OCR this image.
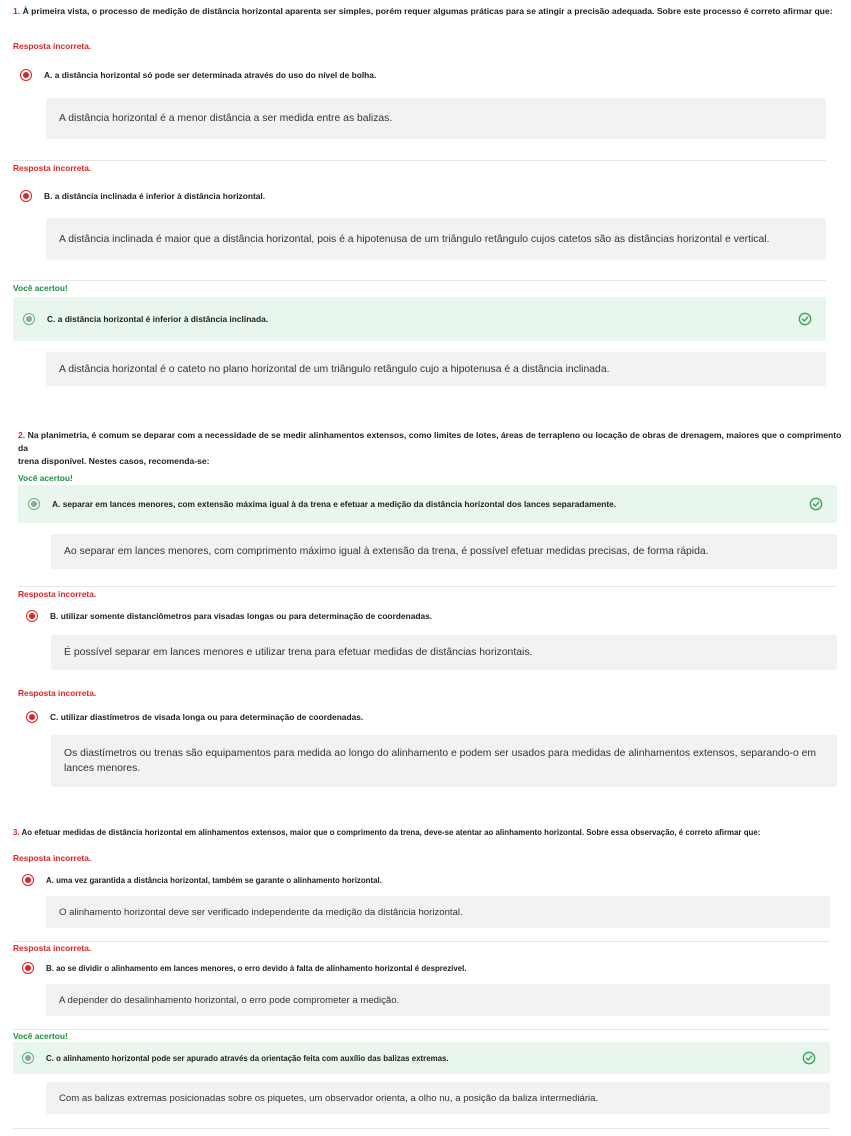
1. À primeira vista, o processo de medição de distância horizontal aparenta ser simples, porém requer algumas práticas para se atingir a precisão adequada. Sobre este processo é correto afirmar que:
Resposta incorreta.
A. a distância horizontal só pode ser determinada através do uso do nível de bolha.
A distância horizontal é a menor distância a ser medida entre as balizas.
Resposta incorreta.
B. a distância inclinada é inferior à distância horizontal.
A distância inclinada é maior que a distância horizontal, pois é a hipotenusa de um triângulo retângulo cujos catetos são as distâncias horizontal e vertical.
Você acertou!
C. a distância horizontal é inferior à distância inclinada.
A distância horizontal é o cateto no plano horizontal de um triângulo retângulo cujo a hipotenusa é a distância inclinada.
2. Na planimetria, é comum se deparar com a necessidade de se medir alinhamentos extensos, como limites de lotes, áreas de terrapleno ou locação de obras de drenagem, maiores que o comprimento da
trena disponível. Nestes casos, recomenda-se:
Você acertou!
A. separar em lances menores, com extensão máxima igual à da trena e efetuar a medição da distância horizontal dos lances separadamente.
Ao separar em lances menores, com comprimento máximo igual à extensão da trena, é possível efetuar medidas precisas, de forma rápida.
Resposta incorreta.
B. utilizar somente distanciômetros para visadas longas ou para determinação de coordenadas.
É possível separar em lances menores e utilizar trena para efetuar medidas de distâncias horizontais.
Resposta incorreta.
C. utilizar diastímetros de visada longa ou para determinação de coordenadas.
Os diastímetros ou trenas são equipamentos para medida ao longo do alinhamento e podem ser usados para medidas de alinhamentos extensos, separando-o em
lances menores.
3. Ao efetuar medidas de distância horizontal em alinhamentos extensos, maior que o comprimento da trena, deve-se atentar ao alinhamento horizontal. Sobre essa observação, é correto afirmar que:
Resposta incorreta.
A. uma vez garantida a distância horizontal, também se garante o alinhamento horizontal.
O alinhamento horizontal deve ser verificado independente da medição da distância horizontal.
Resposta incorreta.
B. ao se dividir o alinhamento em lances menores, o erro devido à falta de alinhamento horizontal é desprezível.
A depender do desalinhamento horizontal, o erro pode comprometer a medição.
Você acertou!
C. o alinhamento horizontal pode ser apurado através da orientação feita com auxílio das balizas extremas.
Com as balizas extremas posicionadas sobre os piquetes, um observador orienta, a olho nu, a posição da baliza intermediária.
